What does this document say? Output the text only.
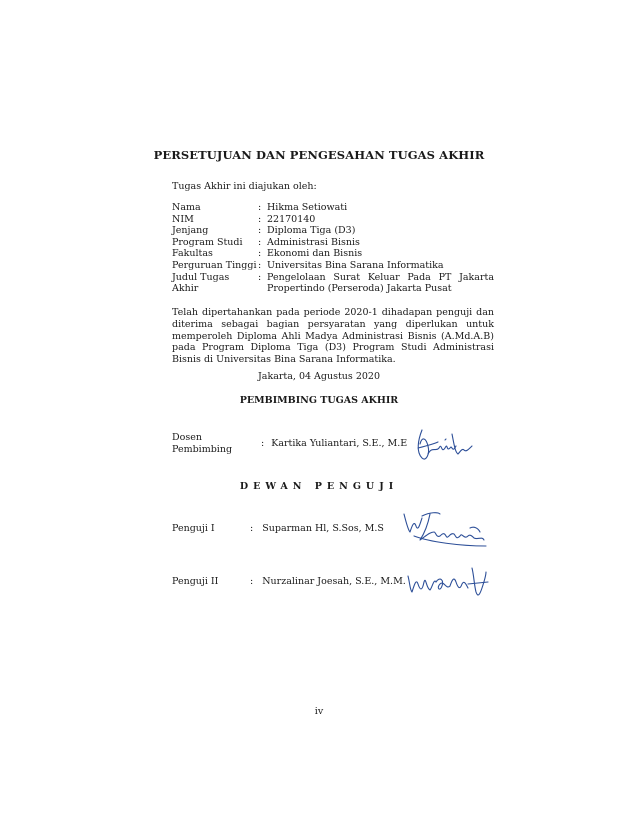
PERSETUJUAN DAN PENGESAHAN TUGAS AKHIR
Tugas Akhir ini diajukan oleh:
Nama	: Hikma Setiowati
NIM	: 22170140
Jenjang	: Diploma Tiga (D3)
Program Studi	: Administrasi Bisnis
Fakultas	: Ekonomi dan Bisnis
Perguruan Tinggi : Universitas Bina Sarana Informatika
Judul Tugas Akhir
: Pengelolaan Surat Keluar Pada PT Jakarta Propertindo (Perseroda) Jakarta Pusat
Telah dipertahankan pada periode 2020-1 dihadapan penguji dan diterima sebagai bagian persyaratan yang diperlukan untuk memperoleh Diploma Ahli Madya Administrasi Bisnis (A.Md.A.B) pada Program Diploma Tiga (D3) Program Studi Administrasi Bisnis di Universitas Bina Sarana Informatika.
Jakarta, 04 Agustus 2020
PEMBIMBING TUGAS AKHIR
Dosen Pembimbing
: Kartika Yuliantari, S.E., M.E
DEWAN PENGUJI
Penguji I	: Suparman Hl, S.Sos, M.S
Penguji II	: Nurzalinar Joesah, S.E., M.M.
iv
